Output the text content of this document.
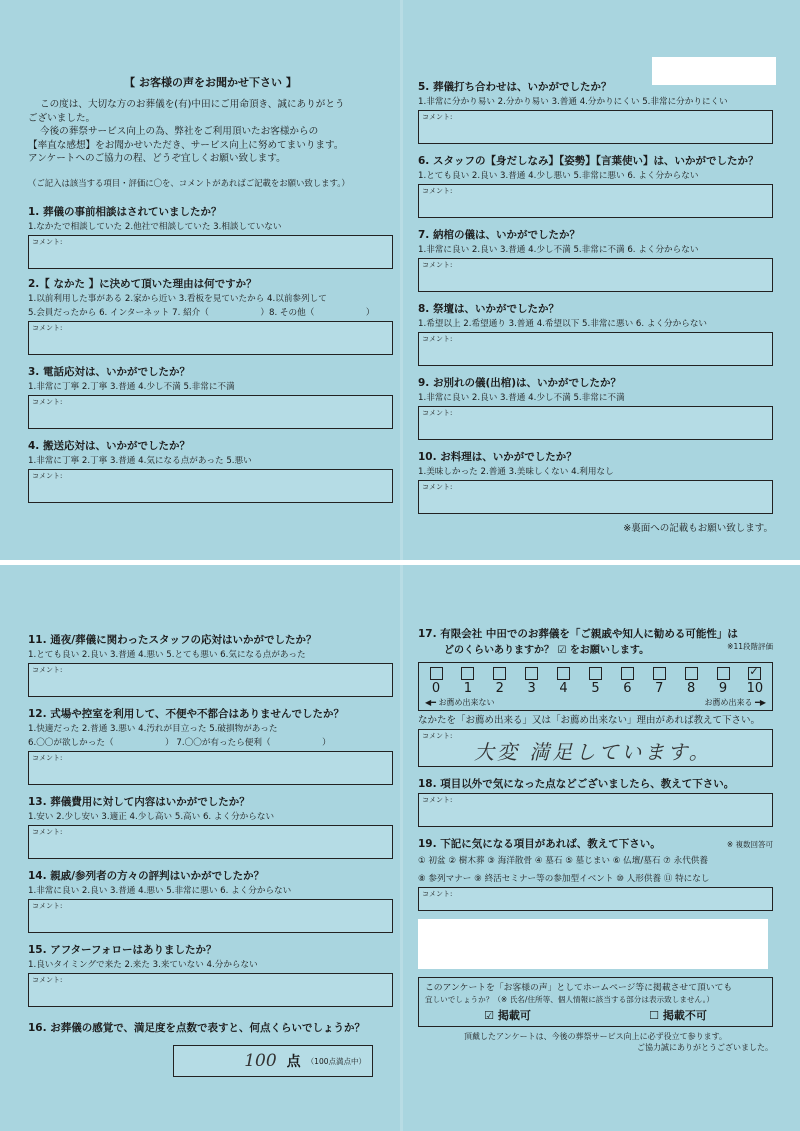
【 お客様の声をお聞かせ下さい 】
この度は、大切な方のお葬儀を(有)中田にご用命頂き、誠にありがとう
ございました。
今後の葬祭サービス向上の為、弊社をご利用頂いたお客様からの
【率直な感想】をお聞かせいただき、サービス向上に努めてまいります。
アンケートへのご協力の程、どうぞ宜しくお願い致します。
（ご記入は該当する項目・評価に〇を、コメントがあればご記載をお願い致します。）

1. 葬儀の事前相談はされていましたか？

1.なかたで相談していた 2.他社で相談していた 3.相談していない
コメント:

2.【 なかた 】に決めて頂いた理由は何ですか？

1.以前利用した事がある 2.家から近い 3.看板を見ていたから 4.以前参列して
5.会員だったから 6. インターネット 7. 紹介（　　　　　　）8. その他（　　　　　　）
コメント:

3. 電話応対は、いかがでしたか？

1.非常に丁寧 2.丁寧 3.普通 4.少し不満 5.非常に不満
コメント:

4. 搬送応対は、いかがでしたか？

1.非常に丁寧 2.丁寧 3.普通 4.気になる点があった 5.悪い
コメント:

5. 葬儀打ち合わせは、いかがでしたか？

1.非常に分かり易い 2.分かり易い 3.普通 4.分かりにくい 5.非常に分かりにくい
コメント:

6. スタッフの【身だしなみ】【姿勢】【言葉使い】は、いかがでしたか？

1.とても良い 2.良い 3.普通 4.少し悪い 5.非常に悪い 6. よく分からない
コメント:

7. 納棺の儀は、いかがでしたか？

1.非常に良い 2.良い 3.普通 4.少し不満 5.非常に不満 6. よく分からない
コメント:

8. 祭壇は、いかがでしたか？

1.希望以上 2.希望通り 3.普通 4.希望以下 5.非常に悪い 6. よく分からない
コメント:

9. お別れの儀(出棺)は、いかがでしたか？

1.非常に良い 2.良い 3.普通 4.少し不満 5.非常に不満
コメント:

10. お料理は、いかがでしたか？

1.美味しかった 2.普通 3.美味しくない 4.利用なし
コメント:
※裏面への記載もお願い致します。

11. 通夜/葬儀に関わったスタッフの応対はいかがでしたか？

1.とても良い 2.良い 3.普通 4.悪い 5.とても悪い 6.気になる点があった
コメント:

12. 式場や控室を利用して、不便や不都合はありませんでしたか？

1.快適だった 2.普通 3.悪い 4.汚れが目立った 5.破損物があった
6.〇〇が欲しかった（　　　　　　） 7.〇〇が有ったら便利（　　　　　　）
コメント:

13. 葬儀費用に対して内容はいかがでしたか？

1.安い 2.少し安い 3.適正 4.少し高い 5.高い 6. よく分からない
コメント:

14. 親戚/参列者の方々の評判はいかがでしたか？

1.非常に良い 2.良い 3.普通 4.悪い 5.非常に悪い 6. よく分からない
コメント:

15. アフターフォローはありましたか？

1.良いタイミングで来た 2.来た 3.来ていない 4.分からない
コメント:

16. お葬儀の感覚で、満足度を点数で表すと、何点くらいでしょうか？

100 点 （100点満点中）

17. 有限会社 中田でのお葬儀を「ご親戚や知人に勧める可能性」は

どのくらいありますか？ ☑ をお願いします。	※11段階評価
0	1	2	3	4	5	6	7	8	9
✓	10
◀━ お薦め出来ない	お薦め出来る ━▶
なかたを「お薦め出来る」又は「お薦め出来ない」理由があれば教えて下さい。
コメント:
大変 満足しています。

18. 項目以外で気になった点などございましたら、教えて下さい。

コメント:

19. 下記に気になる項目があれば、教えて下さい。	※ 複数回答可
① 初盆 ② 樹木葬 ③ 海洋散骨 ④ 墓石 ⑤ 墓じまい ⑥ 仏壇/墓石 ⑦ 永代供養
⑧ 参列マナー ⑨ 終活セミナー等の参加型イベント ⑩ 人形供養 ⑪ 特になし
コメント:
このアンケートを「お客様の声」としてホームページ等に掲載させて頂いても
宜しいでしょうか？（※ 氏名/住所等、個人情報に該当する部分は表示致しません。）
☑ 掲載可	☐ 掲載不可
頂戴したアンケートは、今後の葬祭サービス向上に必ず役立て参ります。
ご協力誠にありがとうございました。
